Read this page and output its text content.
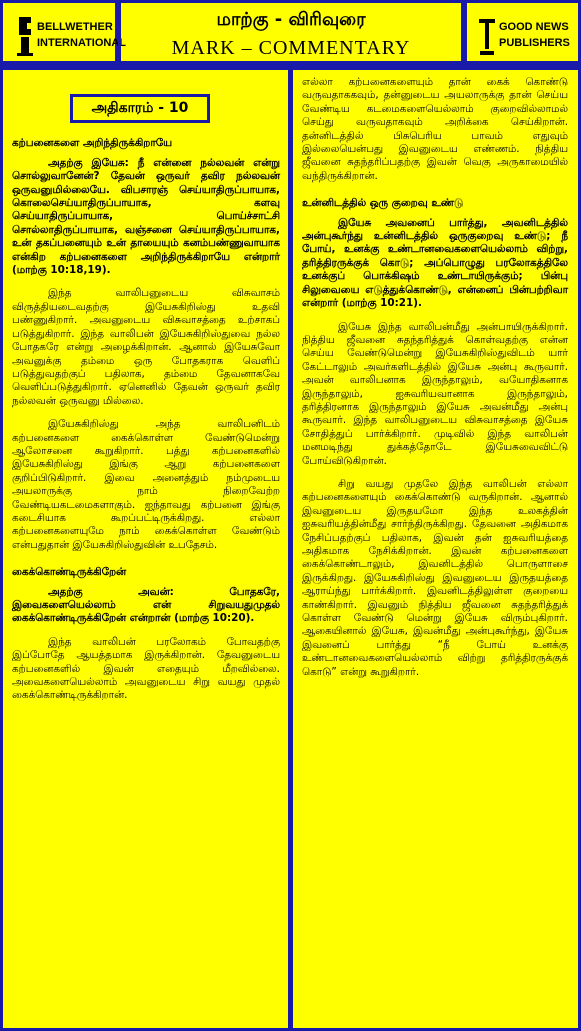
BELLWETHER
INTERNATIONAL
மாற்கு - விரிவுரை
MARK – COMMENTARY
GOOD NEWS
PUBLISHERS
அதிகாரம் - 10
கற்பனைகளை அறிந்திருக்கிறாயே

அதற்கு இயேசு: நீ என்னை நல்லவன் என்று சொல்லுவானேன்? தேவன் ஒருவர் தவிர நல்லவன் ஒருவனுமில்லையே. விபசாரஞ் செய்யாதிருப்பாயாக, கொலைசெய்யாதிருப்பாயாக, களவு செய்யாதிருப்பாயாக, பொய்ச்சாட்சி சொல்லாதிருப்பாயாக, வஞ்சனை செய்யாதிருப்பாயாக, உன் தகப்பனையும் உன் தாயையும் கனம்பண்ணுவாயாக என்கிற கற்பனைகளை அறிந்திருக்கிறாயே என்றார் (மாற்கு 10:18,19).

இந்த வாலிபனுடைய விசுவாசம் விருத்தியடைவதற்கு இயேசுகிறிஸ்து உதவி பண்ணுகிறார். அவனுடைய விசுவாசத்தை உற்சாகப் படுத்துகிறார். இந்த வாலிபன் இயேசுகிறிஸ்துவை நல்ல போதகரே என்று அழைக்கிறான். ஆனால் இயேசுவோ அவனுக்கு தம்மை ஒரு போதகராக வெளிப் படுத்துவதற்குப் பதிலாக, தம்மை தேவனாகவே வெளிப்படுத்துகிறார். ஏனெனில் தேவன் ஒருவர் தவிர நல்லவன் ஒருவனு மில்லை.

இயேசுகிறிஸ்து அந்த வாலிபனிடம் கற்பனைகளை கைக்கொள்ள வேண்டுமென்று ஆலோசனை கூறுகிறார். பத்து கற்பனைகளில் இயேசுகிறிஸ்து இங்கு ஆறு கற்பனைகளை குறிப்பிடுகிறார். இவை அனைத்தும் நம்முடைய அயலாருக்கு நாம் நிறைவேற்ற வேண்டியகடமைகளாகும். ஐந்தாவது கற்பனை இங்கு கடைசியாக கூறப்பட்டிருக்கிறது. எல்லா கற்பனைகளையுமே நாம் கைக்கொள்ள வேண்டும் என்பதுதான் இயேசுகிறிஸ்துவின் உபதேசம்.

கைக்கொண்டிருக்கிறேன்

அதற்கு அவன்: போதகரே, இவைகளையெல்லாம் என் சிறுவயதுமுதல் கைக்கொண்டிருக்கிறேன் என்றான் (மாற்கு 10:20).

இந்த வாலிபன் பரலோகம் போவதற்கு இப்போதே ஆயத்தமாக இருக்கிறான். தேவனுடைய கற்பனைகளில் இவன் எதையும் மீறவில்லை. அவைகளையெல்லாம் அவனுடைய சிறு வயது முதல் கைக்கொண்டிருக்கிறான்.

எல்லா கற்பனைகளையும் தான் கைக் கொண்டு வருவதாககவும், தன்னுடைய அயலாருக்கு தான் செய்ய வேண்டிய கடமைகளையெல்லாம் குறைவில்லாமல் செய்து வருவதாகவும் அறிக்கை செய்கிறான். தன்னிடத்தில் பிசுபெரிய பாவம் எதுவும் இல்லையென்பது இவனுடைய எண்ணம். நித்திய ஜீவனை சுதந்தரிப்பதற்கு இவன் வெகு அருகாமையில் வந்திருக்கிறான்.

உன்னிடத்தில் ஒரு குறைவு உண்டு

இயேசு அவனைப் பார்த்து, அவனிடத்தில் அன்புகூர்ந்து உன்னிடத்தில் ஒருகுறைவு உண்டு; நீ போய், உனக்கு உண்டானவைகளையெல்லாம் விற்று, தரித்திரருக்குக் கொடு; அப்பொழுது பரலோகத்திலே உனக்குப் பொக்கிஷம் உண்டாயிருக்கும்; பின்பு சிலுவையை எடுத்துக்கொண்டு, என்னைப் பின்பற்றிவா என்றார் (மாற்கு 10:21).

இயேசு இந்த வாலிபன்மீது அன்பாயிருக்கிறார். நித்திய ஜீவனை சுதந்தரித்துக் கொள்வதற்கு என்ன செய்ய வேண்டுமென்று இயேசுகிறிஸ்துவிடம் யார் கேட்டாலும் அவர்களிடத்தில் இயேசு அன்பு கூருவார். அவன் வாலிபனாக இருந்தாலும், வயோதிகனாக இருந்தாலும், ஐசுவரியவானாக இருந்தாலும், தரித்திரனாக இருந்தாலும் இயேசு அவன்மீது அன்பு கூருவார். இந்த வாலிபனுடைய விசுவாசத்தை இயேசு சோதித்துப் பார்க்கிறார். முடிவில் இந்த வாலிபன் மனமடிந்து துக்கத்தோடே இயேசுவைவிட்டு போய்விடுகிறான்.

சிறு வயது முதலே இந்த வாலிபன் எல்லா கற்பனைகளையும் கைக்கொண்டு வருகிறான். ஆனால் இவனுடைய இருதயமோ இந்த உலகத்தின் ஐசுவரியத்தின்மீது சார்ந்திருக்கிறது. தேவனை அதிகமாக நேசிப்பதற்குப் பதிலாக, இவன் தன் ஐசுவரியத்தை அதிகமாக நேசிக்கிறான். இவன் கற்பனைகளை கைக்கொண்டாலும், இவனிடத்தில் பொருளாசை இருக்கிறது. இயேசுகிறிஸ்து இவனுடைய இருதயத்தை ஆராய்ந்து பார்க்கிறார். இவனிடத்திலுள்ள குறையை காண்கிறார். இவனும் நித்திய ஜீவனை சுதந்தரித்துக் கொள்ள வேண்டு மென்று இயேசு விரும்புகிறார். ஆகையினால் இயேசு, இவன்மீது அன்புகூர்ந்து, இயேசு இவனைப் பார்த்து “நீ போய் உனக்கு உண்டானவைகளையெல்லாம் விற்று தரித்திரருக்குக் கொடு” என்று கூறுகிறார்.
